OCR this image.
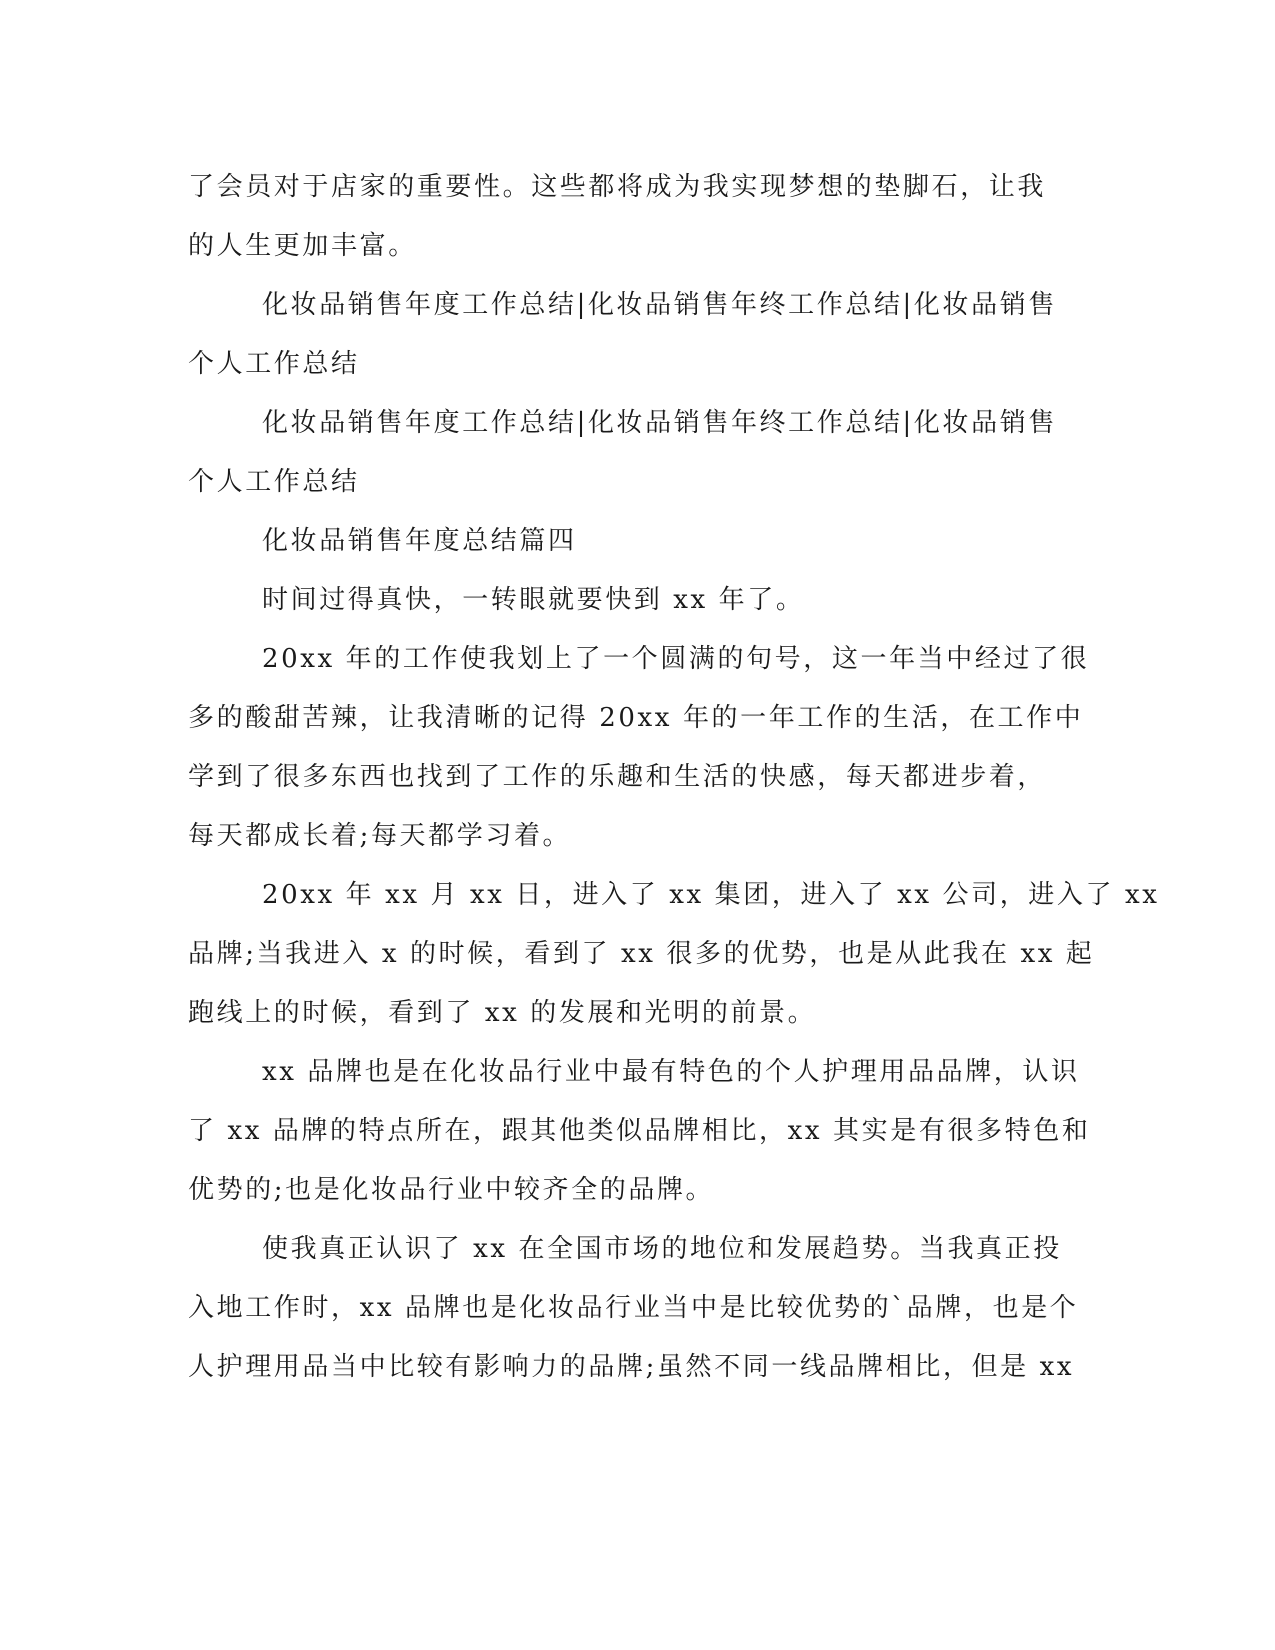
了会员对于店家的重要性。这些都将成为我实现梦想的垫脚石，让我
的人生更加丰富。

化妆品销售年度工作总结|化妆品销售年终工作总结|化妆品销售
个人工作总结

化妆品销售年度工作总结|化妆品销售年终工作总结|化妆品销售
个人工作总结

化妆品销售年度总结篇四

时间过得真快，一转眼就要快到 xx 年了。

20xx 年的工作使我划上了一个圆满的句号，这一年当中经过了很
多的酸甜苦辣，让我清晰的记得 20xx 年的一年工作的生活，在工作中
学到了很多东西也找到了工作的乐趣和生活的快感，每天都进步着，
每天都成长着;每天都学习着。

20xx 年 xx 月 xx 日，进入了 xx 集团，进入了 xx 公司，进入了 xx
品牌;当我进入 x 的时候，看到了 xx 很多的优势，也是从此我在 xx 起
跑线上的时候，看到了 xx 的发展和光明的前景。

xx 品牌也是在化妆品行业中最有特色的个人护理用品品牌，认识
了 xx 品牌的特点所在，跟其他类似品牌相比，xx 其实是有很多特色和
优势的;也是化妆品行业中较齐全的品牌。

使我真正认识了 xx 在全国市场的地位和发展趋势。当我真正投
入地工作时，xx 品牌也是化妆品行业当中是比较优势的`品牌，也是个
人护理用品当中比较有影响力的品牌;虽然不同一线品牌相比，但是 xx
